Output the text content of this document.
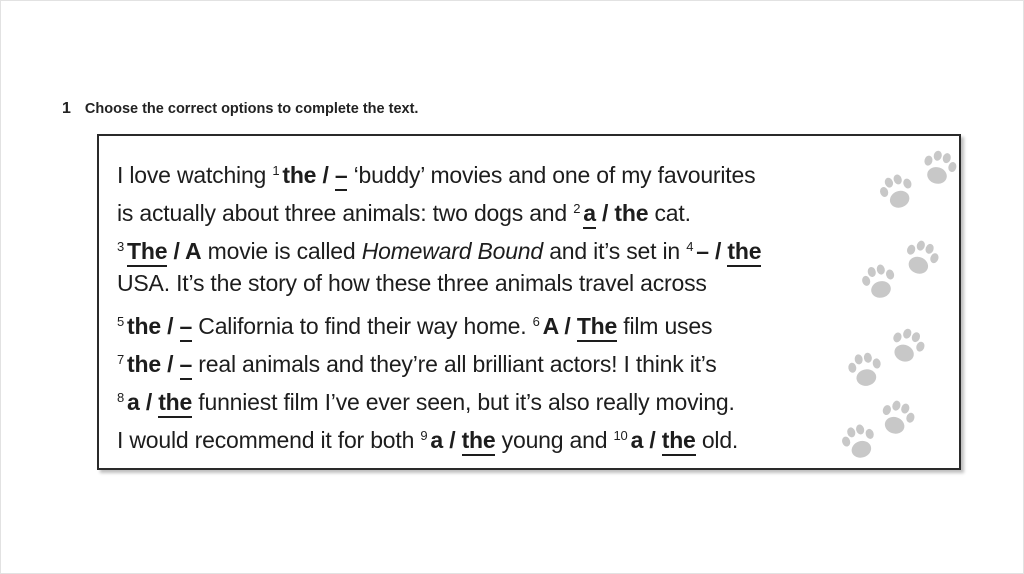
1 Choose the correct options to complete the text.
I love watching $^1$ the / – ‘buddy’ movies and one of my favourites
is actually about three animals: two dogs and $^2$ a / the cat.
$^3$ The / A movie is called Homeward Bound and it’s set in $^4$ – / the
USA. It’s the story of how these three animals travel across
$^5$ the / – California to find their way home. $^6$ A / The film uses
$^7$ the / – real animals and they’re all brilliant actors! I think it’s
$^8$ a / the funniest film I’ve ever seen, but it’s also really moving.
I would recommend it for both $^9$ a / the young and $^{10}$ a / the old.
